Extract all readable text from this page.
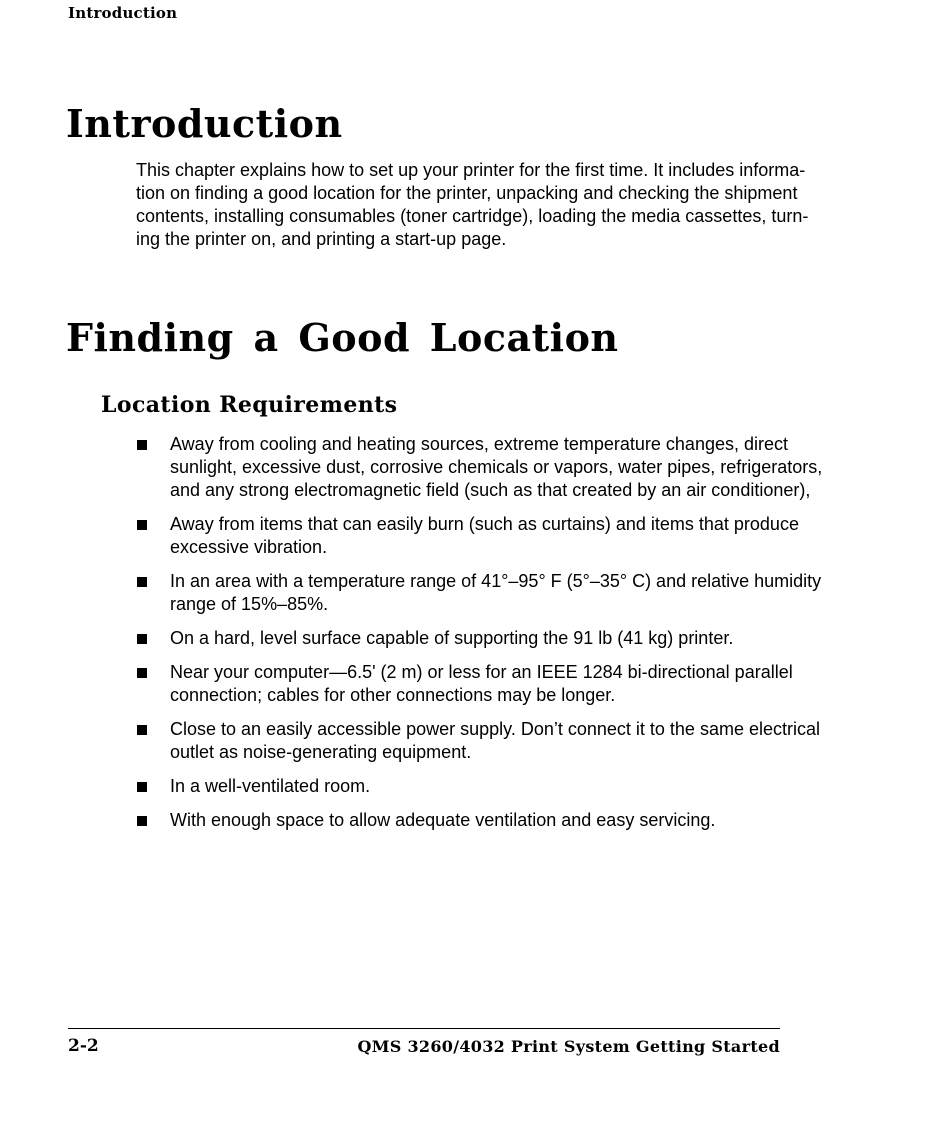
Introduction
Introduction

This chapter explains how to set up your printer for the first time. It includes informa-
tion on finding a good location for the printer, unpacking and checking the shipment
contents, installing consumables (toner cartridge), loading the media cassettes, turn-
ing the printer on, and printing a start-up page.

Finding a Good Location
Location Requirements
Away from cooling and heating sources, extreme temperature changes, direct
sunlight, excessive dust, corrosive chemicals or vapors, water pipes, refrigerators,
and any strong electromagnetic field (such as that created by an air conditioner),
Away from items that can easily burn (such as curtains) and items that produce
excessive vibration.
In an area with a temperature range of 41°–95° F (5°–35° C) and relative humidity
range of 15%–85%.
On a hard, level surface capable of supporting the 91 lb (41 kg) printer.
Near your computer—6.5' (2 m) or less for an IEEE 1284 bi-directional parallel
connection; cables for other connections may be longer.
Close to an easily accessible power supply. Don’t connect it to the same electrical
outlet as noise-generating equipment.
In a well-ventilated room.
With enough space to allow adequate ventilation and easy servicing.
2-2	QMS 3260/4032 Print System Getting Started
